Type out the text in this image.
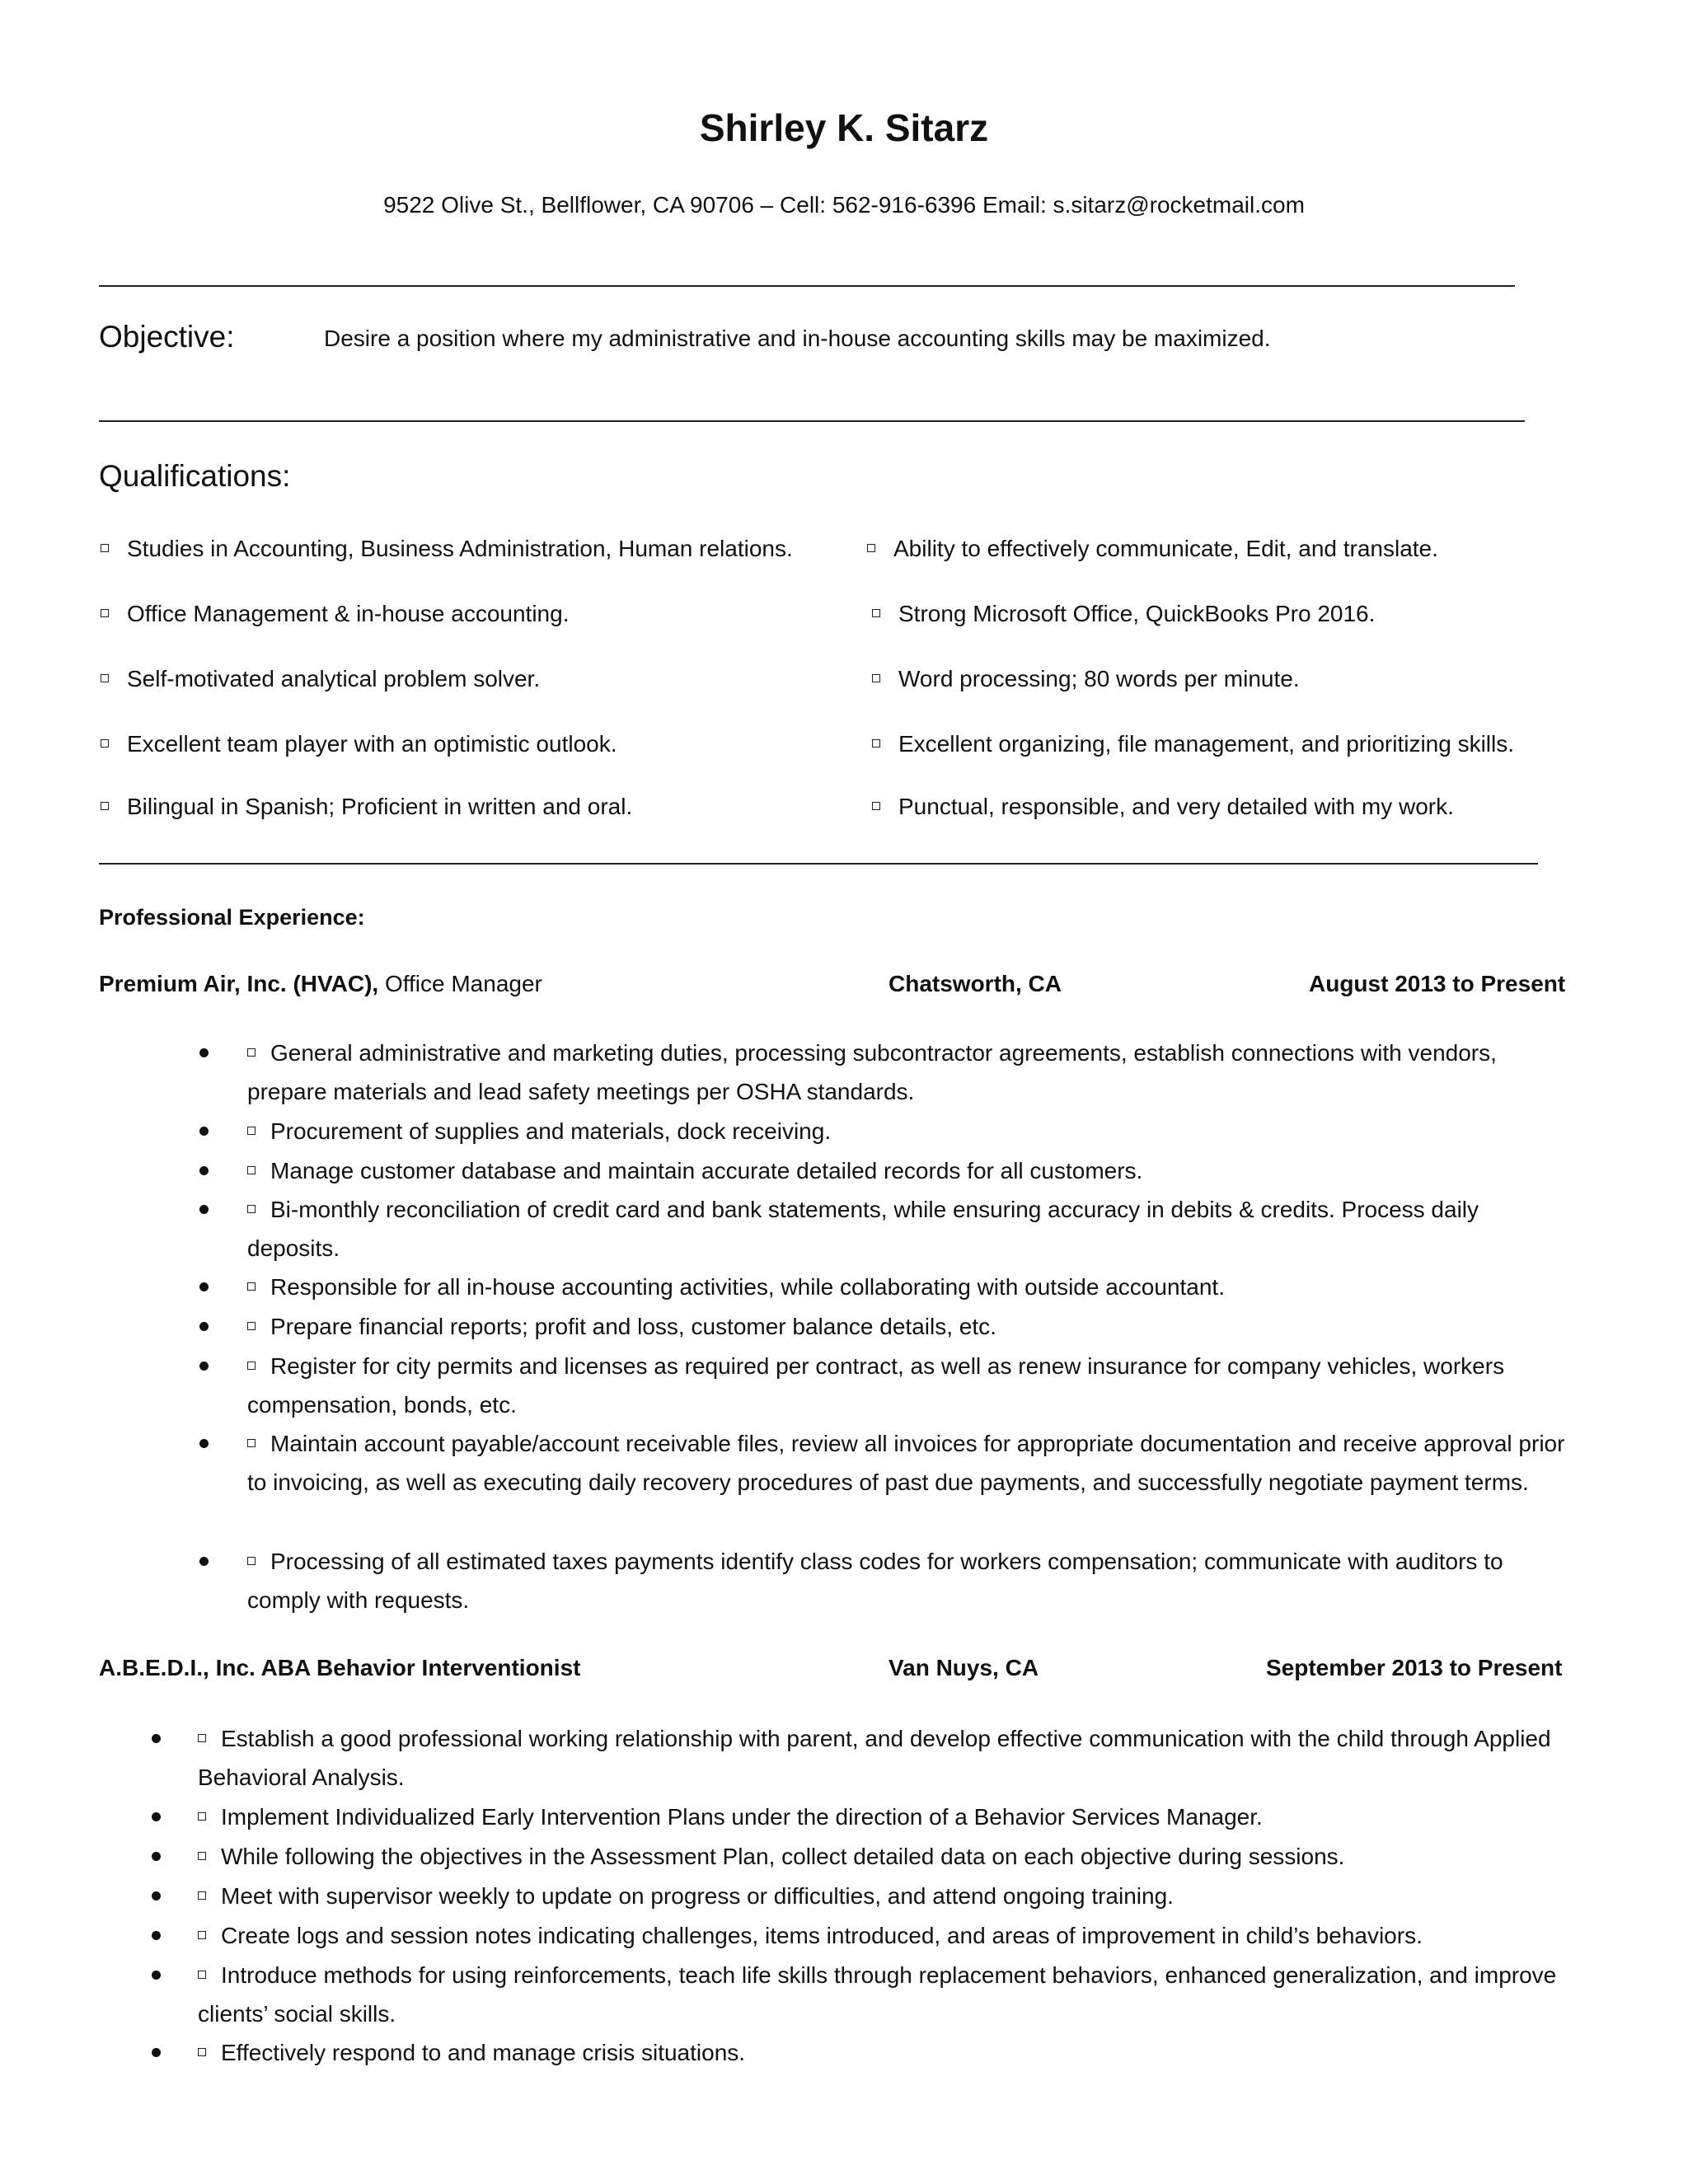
Shirley K. Sitarz
9522 Olive St., Bellflower, CA 90706 – Cell: 562-916-6396 Email: s.sitarz@rocketmail.com
Objective:	Desire a position where my administrative and in-house accounting skills may be maximized.
Qualifications:
Studies in Accounting, Business Administration, Human relations.
Office Management & in-house accounting.
Self-motivated analytical problem solver.
Excellent team player with an optimistic outlook.
Bilingual in Spanish; Proficient in written and oral.
Ability to effectively communicate, Edit, and translate.
Strong Microsoft Office, QuickBooks Pro 2016.
Word processing; 80 words per minute.
Excellent organizing, file management, and prioritizing skills.
Punctual, responsible, and very detailed with my work.
Professional Experience:
Premium Air, Inc. (HVAC), Office Manager	Chatsworth, CA	August 2013 to Present
General administrative and marketing duties, processing subcontractor agreements, establish connections with vendors, prepare materials and lead safety meetings per OSHA standards.
Procurement of supplies and materials, dock receiving.
Manage customer database and maintain accurate detailed records for all customers.
Bi-monthly reconciliation of credit card and bank statements, while ensuring accuracy in debits & credits. Process daily deposits.
Responsible for all in-house accounting activities, while collaborating with outside accountant.
Prepare financial reports; profit and loss, customer balance details, etc.
Register for city permits and licenses as required per contract, as well as renew insurance for company vehicles, workers compensation, bonds, etc.
Maintain account payable/account receivable files, review all invoices for appropriate documentation and receive approval prior to invoicing, as well as executing daily recovery procedures of past due payments, and successfully negotiate payment terms.
Processing of all estimated taxes payments identify class codes for workers compensation; communicate with auditors to comply with requests.
A.B.E.D.I., Inc. ABA Behavior Interventionist	Van Nuys, CA	September 2013 to Present
Establish a good professional working relationship with parent, and develop effective communication with the child through Applied Behavioral Analysis.
Implement Individualized Early Intervention Plans under the direction of a Behavior Services Manager.
While following the objectives in the Assessment Plan, collect detailed data on each objective during sessions.
Meet with supervisor weekly to update on progress or difficulties, and attend ongoing training.
Create logs and session notes indicating challenges, items introduced, and areas of improvement in child’s behaviors.
Introduce methods for using reinforcements, teach life skills through replacement behaviors, enhanced generalization, and improve clients’ social skills.
Effectively respond to and manage crisis situations.
